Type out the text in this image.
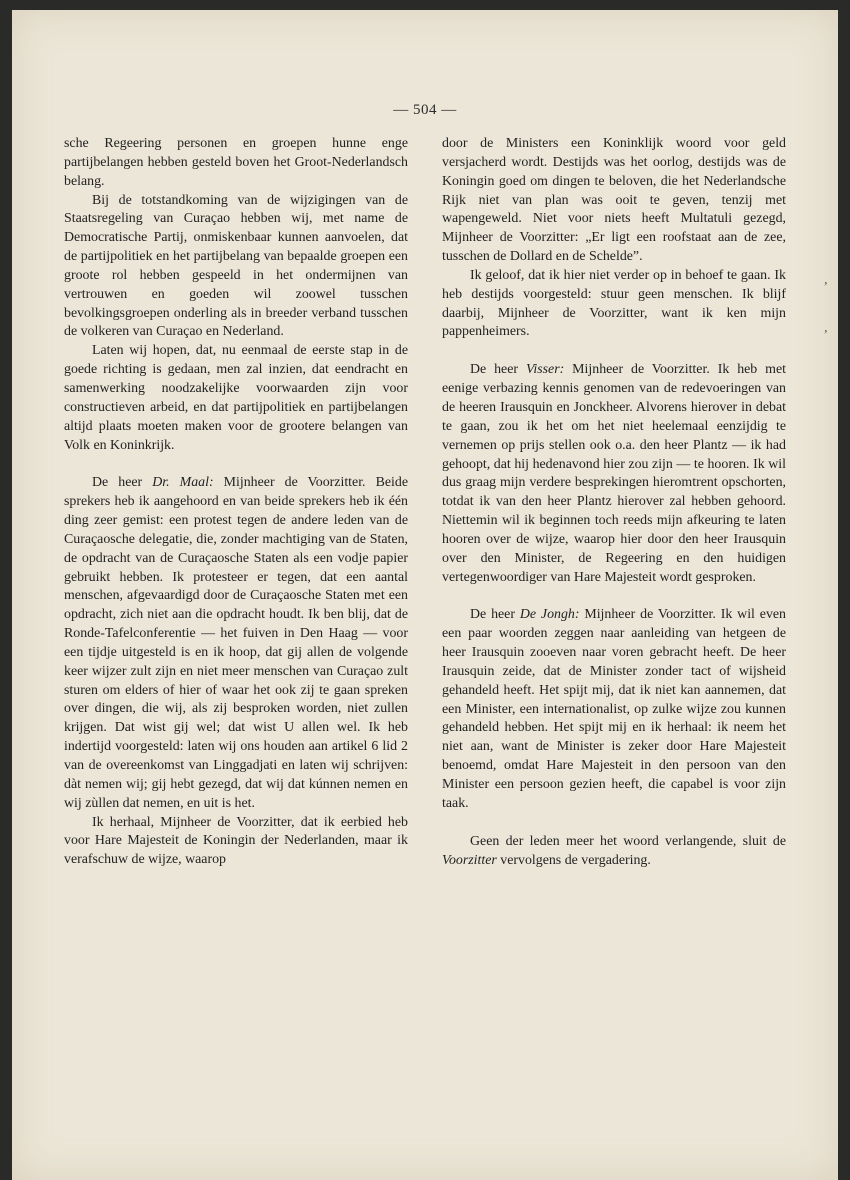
— 504 —

sche Regeering personen en groepen hunne enge partijbelangen hebben gesteld boven het Groot-Nederlandsch belang.

Bij de totstandkoming van de wijzigingen van de Staatsregeling van Curaçao hebben wij, met name de Democratische Partij, onmiskenbaar kunnen aanvoelen, dat de partijpolitiek en het partijbelang van bepaalde groepen een groote rol hebben gespeeld in het ondermijnen van vertrouwen en goeden wil zoowel tusschen bevolkingsgroepen onderling als in breeder verband tusschen de volkeren van Curaçao en Nederland.

Laten wij hopen, dat, nu eenmaal de eerste stap in de goede richting is gedaan, men zal inzien, dat eendracht en samenwerking noodzakelijke voorwaarden zijn voor constructieven arbeid, en dat partijpolitiek en partijbelangen altijd plaats moeten maken voor de grootere belangen van Volk en Koninkrijk.

De heer Dr. Maal: Mijnheer de Voorzitter. Beide sprekers heb ik aangehoord en van beide sprekers heb ik één ding zeer gemist: een protest tegen de andere leden van de Curaçaosche delegatie, die, zonder machtiging van de Staten, de opdracht van de Curaçaosche Staten als een vodje papier gebruikt hebben. Ik protesteer er tegen, dat een aantal menschen, afgevaardigd door de Curaçaosche Staten met een opdracht, zich niet aan die opdracht houdt. Ik ben blij, dat de Ronde-Tafelconferentie — het fuiven in Den Haag — voor een tijdje uitgesteld is en ik hoop, dat gij allen de volgende keer wijzer zult zijn en niet meer menschen van Curaçao zult sturen om elders of hier of waar het ook zij te gaan spreken over dingen, die wij, als zij besproken worden, niet zullen krijgen. Dat wist gij wel; dat wist U allen wel. Ik heb indertijd voorgesteld: laten wij ons houden aan artikel 6 lid 2 van de overeenkomst van Linggadjati en laten wij schrijven: dàt nemen wij; gij hebt gezegd, dat wij dat kúnnen nemen en wij zùllen dat nemen, en uit is het.

Ik herhaal, Mijnheer de Voorzitter, dat ik eerbied heb voor Hare Majesteit de Koningin der Nederlanden, maar ik verafschuw de wijze, waarop

door de Ministers een Koninklijk woord voor geld versjacherd wordt. Destijds was het oorlog, destijds was de Koningin goed om dingen te beloven, die het Nederlandsche Rijk niet van plan was ooit te geven, tenzij met wapengeweld. Niet voor niets heeft Multatuli gezegd, Mijnheer de Voorzitter: „Er ligt een roofstaat aan de zee, tusschen de Dollard en de Schelde”.

Ik geloof, dat ik hier niet verder op in behoef te gaan. Ik heb destijds voorgesteld: stuur geen menschen. Ik blijf daarbij, Mijnheer de Voorzitter, want ik ken mijn pappenheimers.

De heer Visser: Mijnheer de Voorzitter. Ik heb met eenige verbazing kennis genomen van de redevoeringen van de heeren Irausquin en Jonckheer. Alvorens hierover in debat te gaan, zou ik het om het niet heelemaal eenzijdig te vernemen op prijs stellen ook o.a. den heer Plantz — ik had gehoopt, dat hij hedenavond hier zou zijn — te hooren. Ik wil dus graag mijn verdere besprekingen hieromtrent opschorten, totdat ik van den heer Plantz hierover zal hebben gehoord. Niettemin wil ik beginnen toch reeds mijn afkeuring te laten hooren over de wijze, waarop hier door den heer Irausquin over den Minister, de Regeering en den huidigen vertegenwoordiger van Hare Majesteit wordt gesproken.

De heer De Jongh: Mijnheer de Voorzitter. Ik wil even een paar woorden zeggen naar aanleiding van hetgeen de heer Irausquin zooeven naar voren gebracht heeft. De heer Irausquin zeide, dat de Minister zonder tact of wijsheid gehandeld heeft. Het spijt mij, dat ik niet kan aannemen, dat een Minister, een internationalist, op zulke wijze zou kunnen gehandeld hebben. Het spijt mij en ik herhaal: ik neem het niet aan, want de Minister is zeker door Hare Majesteit benoemd, omdat Hare Majesteit in den persoon van den Minister een persoon gezien heeft, die capabel is voor zijn taak.

Geen der leden meer het woord verlangende, sluit de Voorzitter vervolgens de vergadering.

’
’
